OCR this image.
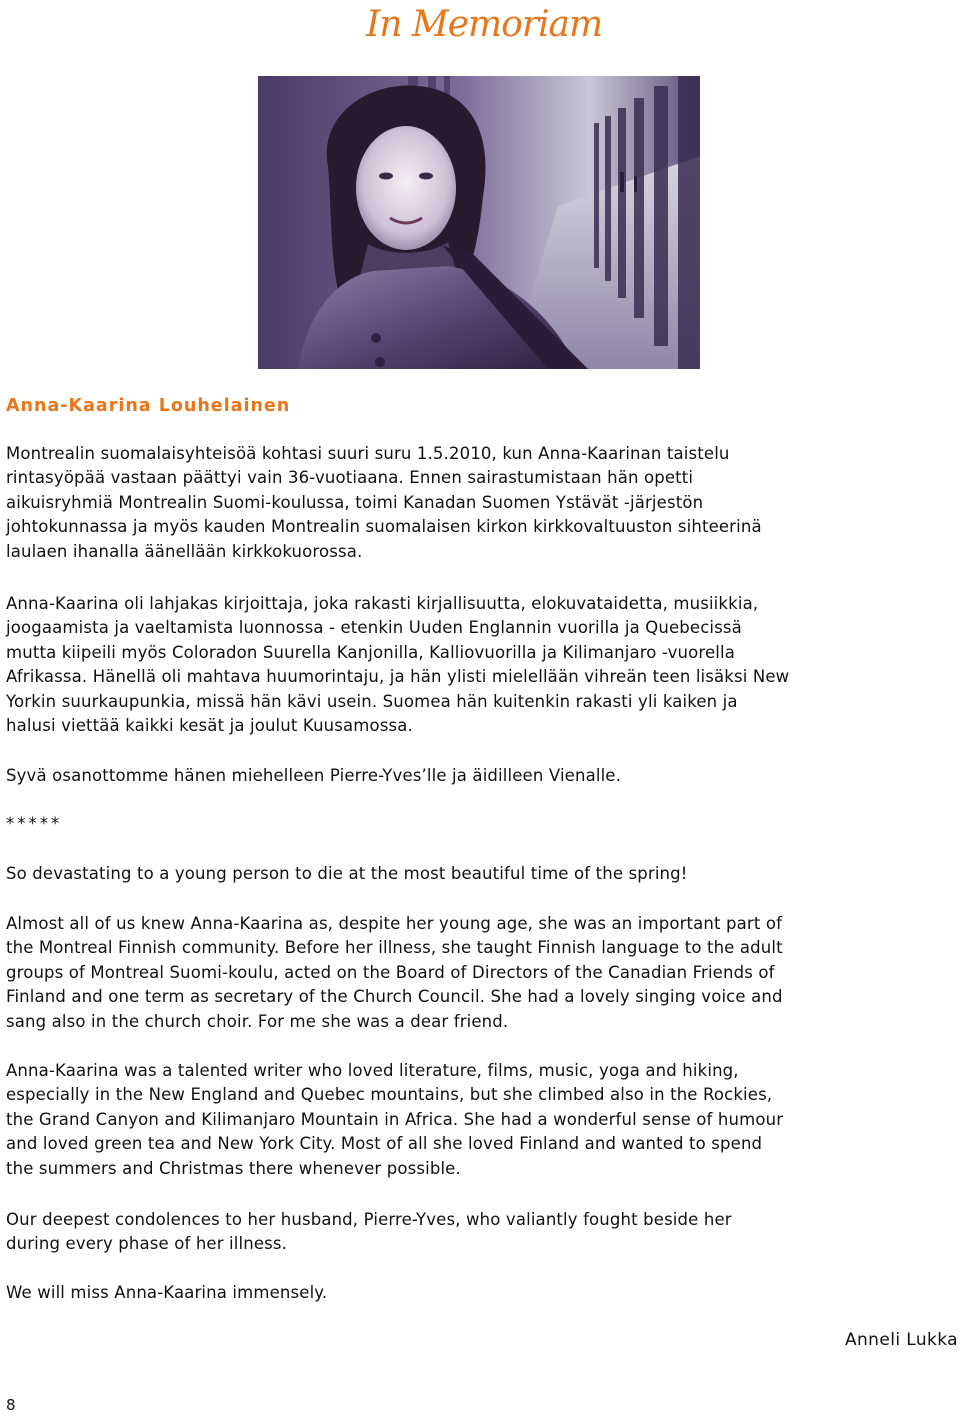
In Memoriam
Anna-Kaarina Louhelainen

Montrealin suomalaisyhteisöä kohtasi suuri suru 1.5.2010, kun Anna-Kaarinan taistelu
rintasyöpää vastaan päättyi vain 36-vuotiaana. Ennen sairastumistaan hän opetti
aikuisryhmiä Montrealin Suomi-koulussa, toimi Kanadan Suomen Ystävät -järjestön
johtokunnassa ja myös kauden Montrealin suomalaisen kirkon kirkkovaltuuston sihteerinä
laulaen ihanalla äänellään kirkkokuorossa.

Anna-Kaarina oli lahjakas kirjoittaja, joka rakasti kirjallisuutta, elokuvataidetta, musiikkia,
joogaamista ja vaeltamista luonnossa - etenkin Uuden Englannin vuorilla ja Quebecissä
mutta kiipeili myös Coloradon Suurella Kanjonilla, Kalliovuorilla ja Kilimanjaro -vuorella
Afrikassa. Hänellä oli mahtava huumorintaju, ja hän ylisti mielellään vihreän teen lisäksi New
Yorkin suurkaupunkia, missä hän kävi usein. Suomea hän kuitenkin rakasti yli kaiken ja
halusi viettää kaikki kesät ja joulut Kuusamossa.

Syvä osanottomme hänen miehelleen Pierre-Yves’lle ja äidilleen Vienalle.

*****

So devastating to a young person to die at the most beautiful time of the spring!

Almost all of us knew Anna-Kaarina as, despite her young age, she was an important part of
the Montreal Finnish community. Before her illness, she taught Finnish language to the adult
groups of Montreal Suomi-koulu, acted on the Board of Directors of the Canadian Friends of
Finland and one term as secretary of the Church Council. She had a lovely singing voice and
sang also in the church choir. For me she was a dear friend.

Anna-Kaarina was a talented writer who loved literature, films, music, yoga and hiking,
especially in the New England and Quebec mountains, but she climbed also in the Rockies,
the Grand Canyon and Kilimanjaro Mountain in Africa. She had a wonderful sense of humour
and loved green tea and New York City. Most of all she loved Finland and wanted to spend
the summers and Christmas there whenever possible.

Our deepest condolences to her husband, Pierre-Yves, who valiantly fought beside her
during every phase of her illness.

We will miss Anna-Kaarina immensely.

Anneli Lukka

8
